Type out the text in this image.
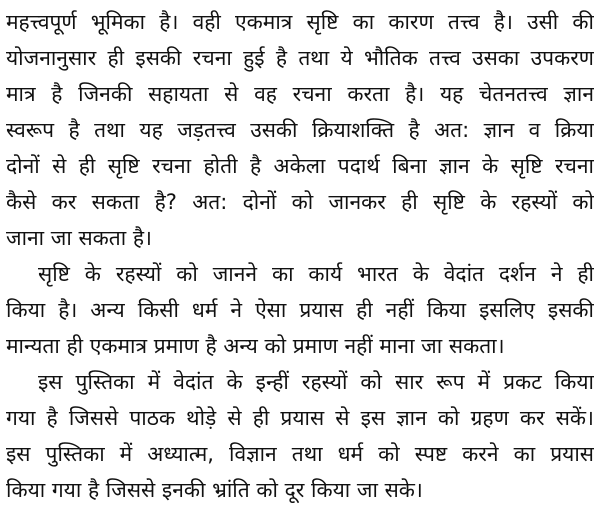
महत्त्वपूर्ण भूमिका है। वही एकमात्र सृष्टि का कारण तत्त्व है। उसी की
योजनानुसार ही इसकी रचना हुई है तथा ये भौतिक तत्त्व उसका उपकरण
मात्र है जिनकी सहायता से वह रचना करता है। यह चेतनतत्त्व ज्ञान
स्वरूप है तथा यह जड़तत्त्व उसकी क्रियाशक्ति है अत: ज्ञान व क्रिया
दोनों से ही सृष्टि रचना होती है अकेला पदार्थ बिना ज्ञान के सृष्टि रचना
कैसे कर सकता है? अत: दोनों को जानकर ही सृष्टि के रहस्यों को
जाना जा सकता है।
सृष्टि के रहस्यों को जानने का कार्य भारत के वेदांत दर्शन ने ही
किया है। अन्य किसी धर्म ने ऐसा प्रयास ही नहीं किया इसलिए इसकी
मान्यता ही एकमात्र प्रमाण है अन्य को प्रमाण नहीं माना जा सकता।
इस पुस्तिका में वेदांत के इन्हीं रहस्यों को सार रूप में प्रकट किया
गया है जिससे पाठक थोड़े से ही प्रयास से इस ज्ञान को ग्रहण कर सकें।
इस पुस्तिका में अध्यात्म, विज्ञान तथा धर्म को स्पष्ट करने का प्रयास
किया गया है जिससे इनकी भ्रांति को दूर किया जा सके।
